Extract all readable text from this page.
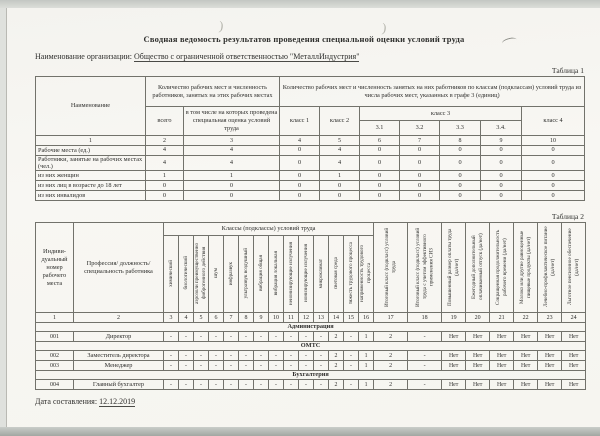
)	)
Сводная ведомость результатов проведения специальной оценки условий труда
Наименование организации: Общество с ограниченной ответственностью "МеталлИндустрия"
Таблица 1
Наименование	Количество рабочих мест и численность работников, занятых на этих рабочих местах		Количество рабочих мест и численность занятых на них работников по классам (подклассам) условий труда из числа рабочих мест, указанных в графе 3 (единиц)						
	всего	в том числе на которых проведена специальная оценка условий труда	класс 1	класс 2	класс 3				класс 4
					3.1	3.2	3.3	3.4.	
1	2	3	4	5	6	7	8	9	10
Рабочие места (ед.)	4	4	0	4	0	0	0	0	0
Работники, занятые на рабочих местах (чел.)	4	4	0	4	0	0	0	0	0
из них женщин	1	1	0	1	0	0	0	0	0
из них лиц в возрасте до 18 лет	0	0	0	0	0	0	0	0	0
из них инвалидов	0	0	0	0	0	0	0	0	0
Таблица 2
Индиви-дуальный номер рабочего места	Профессия/ должность/ специальность работника	Классы (подклассы) условий труда														Итоговый класс (подкласс) условий труда	Итоговый класс (подкласс) условий труда с учетом эффективного применения СИЗ	Повышенный размер оплаты труда (да/нет)	Ежегодный дополнительный оплачиваемый отпуск (да/нет)	Сокращенная продолжительность рабочего времени (да/нет)	Молоко или другие равноценные пищевые продукты (да/нет)	Лечебно-профилактическое питание (да/нет)	Льготное пенсионное обеспечение (да/нет)
		химический	биологический	аэрозоли преимущественно фиброгенного действия	шум	инфразвук	ультразвук воздушный	вибрация общая	вибрация локальная	неионизирующие излучения	ионизирующие излучения	микроклимат	световая среда	тяжесть трудового процесса	напряженность трудового процесса								
1	2	3	4	5	6	7	8	9	10	11	12	13	14	15	16	17	18	19	20	21	22	23	24
Администрация																							
001	Директор	-	-	-	-	-	-	-	-	-	-	-	2	-	1	2	-	Нет	Нет	Нет	Нет	Нет	Нет
ОМТС																							
002	Заместитель директора	-	-	-	-	-	-	-	-	-	-	-	2	-	1	2	-	Нет	Нет	Нет	Нет	Нет	Нет
003	Менеджер	-	-	-	-	-	-	-	-	-	-	-	2	-	1	2	-	Нет	Нет	Нет	Нет	Нет	Нет
Бухгалтерия																							
004	Главный бухгалтер	-	-	-	-	-	-	-	-	-	-	-	2	-	1	2	-	Нет	Нет	Нет	Нет	Нет	Нет
Дата составления: 12.12.2019
